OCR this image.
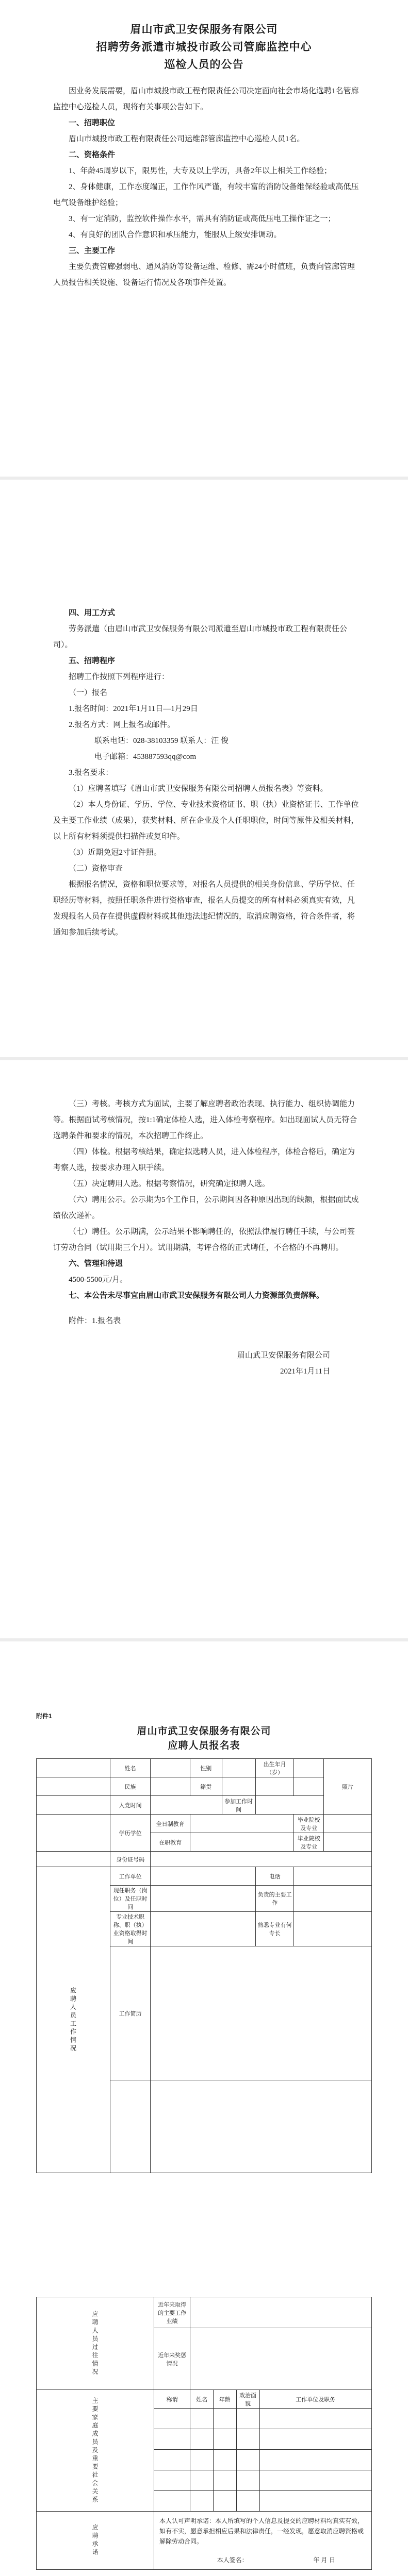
眉山市武卫安保服务有限公司
招聘劳务派遣市城投市政公司管廊监控中心
巡检人员的公告
因业务发展需要，眉山市城投市政工程有限责任公司决定面向社会市场化选聘1名管廊监控中心巡检人员，现将有关事项公告如下。
一、招聘职位
眉山市城投市政工程有限责任公司运维部管廊监控中心巡检人员1名。
二、资格条件
1、年龄45周岁以下，限男性，大专及以上学历，具备2年以上相关工作经验；
2、身体健康，工作态度端正，工作作风严谨，有较丰富的消防设备维保经验或高低压电气设备维护经验；
3、有一定消防，监控软件操作水平，需具有消防证或高低压电工操作证之一；
4、有良好的团队合作意识和承压能力，能服从上级安排调动。
三、主要工作
主要负责管廊强弱电、通风消防等设备运维、检修、需24小时值班，负责向管廊管理人员报告相关设施、设备运行情况及各项事件处置。
四、用工方式
劳务派遣（由眉山市武卫安保服务有限公司派遣至眉山市城投市政工程有限责任公司）。
五、招聘程序
招聘工作按照下列程序进行：
（一）报名
1.报名时间：2021年1月11日—1月29日
2.报名方式：网上报名或邮件。
联系电话：028-38103359 联系人：汪 俊
电子邮箱：453887593qq@com
3.报名要求：
（1）应聘者填写《眉山市武卫安保服务有限公司招聘人员报名表》等资料。
（2）本人身份证、学历、学位、专业技术资格证书、职（执）业资格证书、工作单位及主要工作业绩（成果），获奖材料、所在企业及个人任职职位，时间等原件及相关材料，以上所有材料须提供扫描件或复印件。
（3）近期免冠2寸证件照。
（二）资格审查
根据报名情况，资格和职位要求等，对报名人员提供的相关身份信息、学历学位、任职经历等材料，按照任职条件进行资格审查，报名人员提交的所有材料必须真实有效，凡发现报名人员存在提供虚假材料或其他违法违纪情况的，取消应聘资格，符合条件者，将通知参加后续考试。
（三）考核。考核方式为面试，主要了解应聘者政治表现、执行能力、组织协调能力等。根据面试考核情况，按1:1确定体检人选，进入体检考察程序。如出现面试人员无符合选聘条件和要求的情况，本次招聘工作终止。
（四）体检。根据考核结果，确定拟选聘人员，进入体检程序，体检合格后，确定为考察人选，按要求办理入职手续。
（五）决定聘用人选。根据考察情况，研究确定拟聘人选。
（六）聘用公示。公示期为5个工作日，公示期间因各种原因出现的缺额，根据面试成绩依次递补。
（七）聘任。公示期满，公示结果不影响聘任的，依照法律履行聘任手续，与公司签订劳动合同（试用期三个月）。试用期满，考评合格的正式聘任，不合格的不再聘用。
六、管理和待遇
4500-5500元/月。
七、本公告未尽事宜由眉山市武卫安保服务有限公司人力资源部负责解释。
附件：1.报名表
眉山武卫安保服务有限公司
2021年1月11日
附件1
眉山市武卫安保服务有限公司
应聘人员报名表
	姓名		性别		出生年月（岁）		照片
	民族		籍贯				
	入党时间			参加工作时间			
	学历学位	全日制教育				毕业院校及专业	
		在职教育				毕业院校及专业	
	身份证号码						
应聘人员工作情况	工作单位				电话		
	现任职务（岗位）及任职时间				负责的主要工作		
	专业技术职称、职（执）业资格取得时间				熟悉专业有何专长		
	工作简历						

应聘人员过往情况	近年来取得的主要工作业绩				
	近年来奖惩情况				
主要家庭成员及重要社会关系	称谓	姓名	年龄	政治面貌	工作单位及职务

应聘承诺	本人认可声明承诺：本人所填写的个人信息及提交的应聘材料均真实有效，如有不实，愿意承担相应后果和法律责任，一经发现，愿意取消应聘资格或解除劳动合同。
本人签名： 年 月 日				
